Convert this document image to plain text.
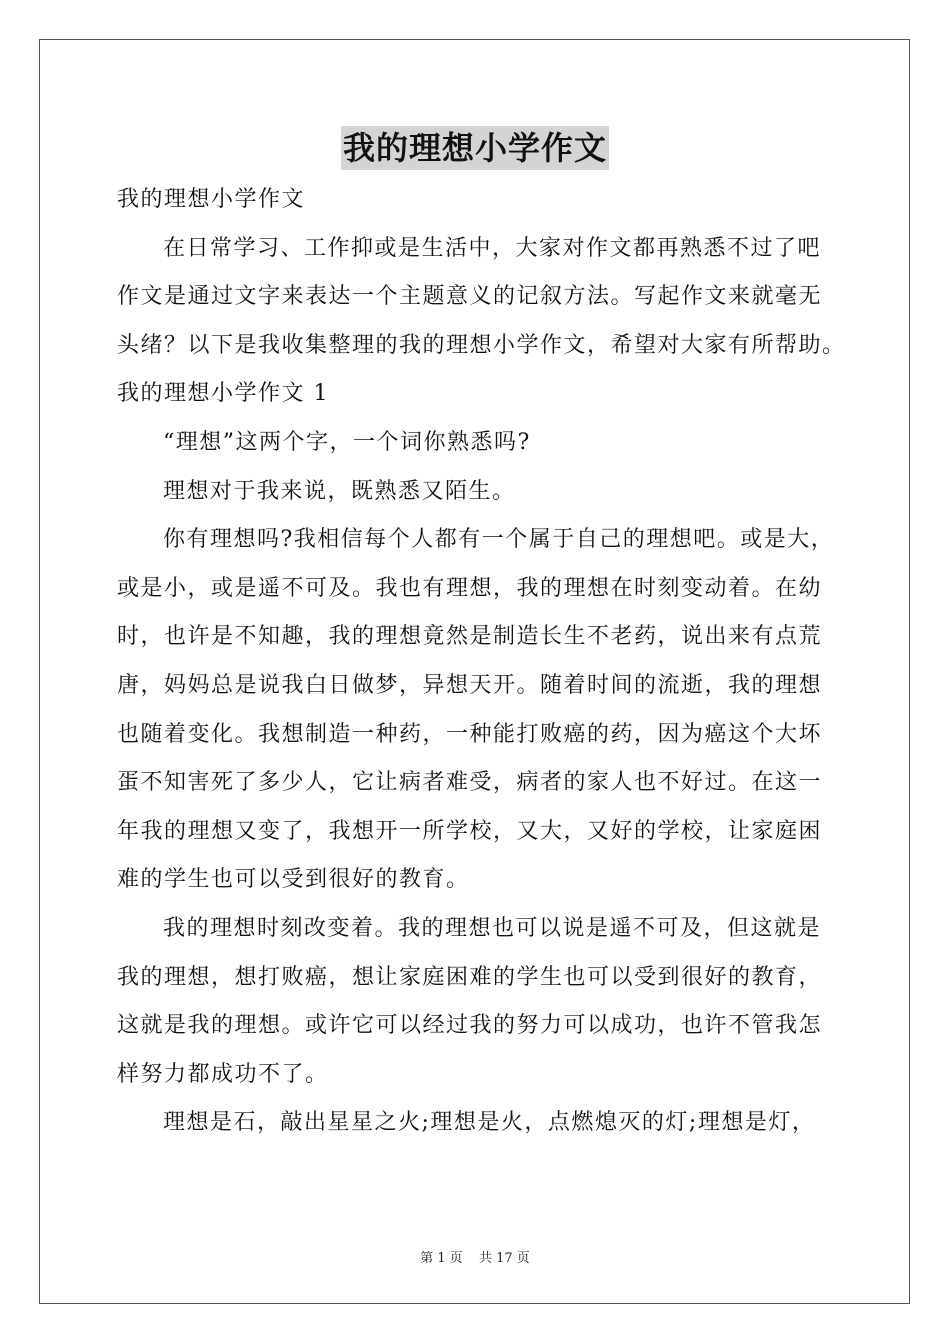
我的理想小学作文
我的理想小学作文
在日常学习、工作抑或是生活中，大家对作文都再熟悉不过了吧
作文是通过文字来表达一个主题意义的记叙方法。写起作文来就毫无
头绪？以下是我收集整理的我的理想小学作文，希望对大家有所帮助。
我的理想小学作文 1
“理想”这两个字，一个词你熟悉吗?
理想对于我来说，既熟悉又陌生。
你有理想吗?我相信每个人都有一个属于自己的理想吧。或是大，
或是小，或是遥不可及。我也有理想，我的理想在时刻变动着。在幼
时，也许是不知趣，我的理想竟然是制造长生不老药，说出来有点荒
唐，妈妈总是说我白日做梦，异想天开。随着时间的流逝，我的理想
也随着变化。我想制造一种药，一种能打败癌的药，因为癌这个大坏
蛋不知害死了多少人，它让病者难受，病者的家人也不好过。在这一
年我的理想又变了，我想开一所学校，又大，又好的学校，让家庭困
难的学生也可以受到很好的教育。
我的理想时刻改变着。我的理想也可以说是遥不可及，但这就是
我的理想，想打败癌，想让家庭困难的学生也可以受到很好的教育，
这就是我的理想。或许它可以经过我的努力可以成功，也许不管我怎
样努力都成功不了。
理想是石，敲出星星之火;理想是火，点燃熄灭的灯;理想是灯，
第 1 页 共 17 页
